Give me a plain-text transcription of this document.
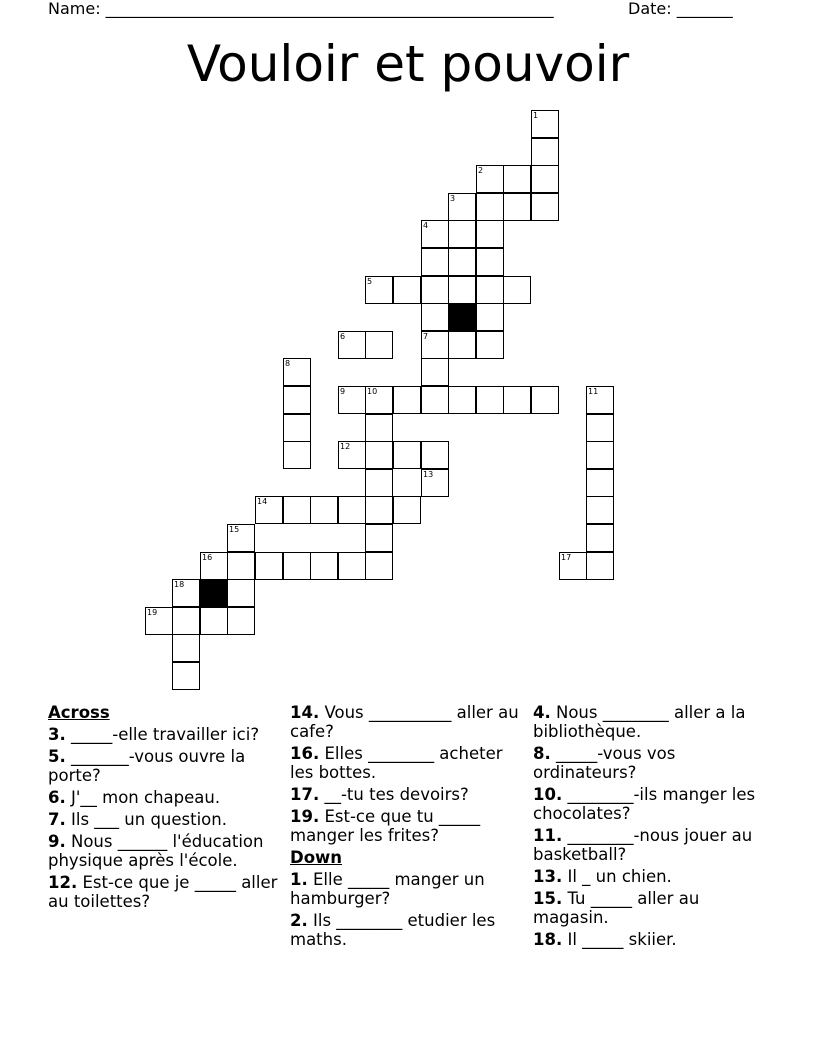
Name: ________________________________________________________

	Date: _______

Vouloir et pouvoir
1
2
3
4
5
6	7
8
9	10	11
12
13
14
15
16	17
18
19
Across
3. _____-elle travailler ici?
5. _______-vous ouvre la porte?
6. J'__ mon chapeau.
7. Ils ___ un question.
9. Nous ______ l'éducation physique après l'école.
12. Est-ce que je _____ aller au toilettes?
14. Vous __________ aller au cafe?
16. Elles ________ acheter les bottes.
17. __-tu tes devoirs?
19. Est-ce que tu _____ manger les frites?
Down
1. Elle _____ manger un hamburger?
2. Ils ________ etudier les maths.
4. Nous ________ aller a la bibliothèque.
8. _____-vous vos ordinateurs?
10. ________-ils manger les chocolates?
11. ________-nous jouer au basketball?
13. Il _ un chien.
15. Tu _____ aller au magasin.
18. Il _____ skiier.
